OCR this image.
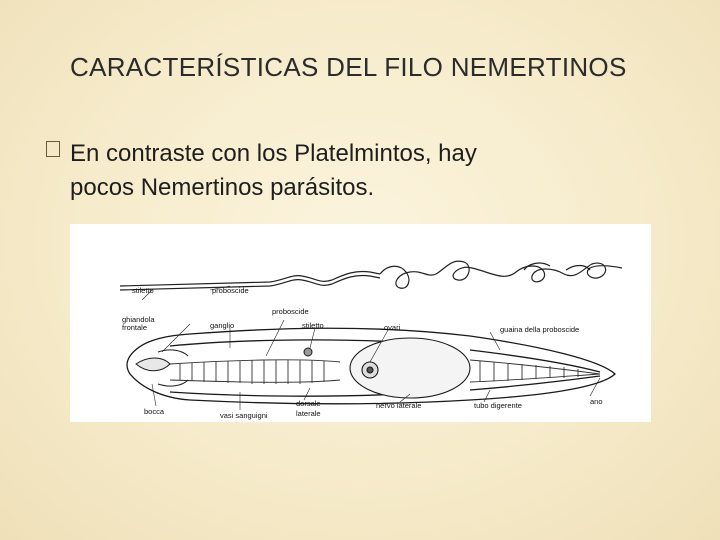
CARACTERÍSTICAS DEL FILO NEMERTINOS
En contraste con los Platelmintos, hay
pocos Nemertinos parásitos.
stiletto	proboscide
ghiandola
frontale	ganglio
proboscide
stiletto	ovari	guaina della proboscide
bocca	vasi sanguigni
dorsale
laterale
nervo laterale	tubo digerente	ano
